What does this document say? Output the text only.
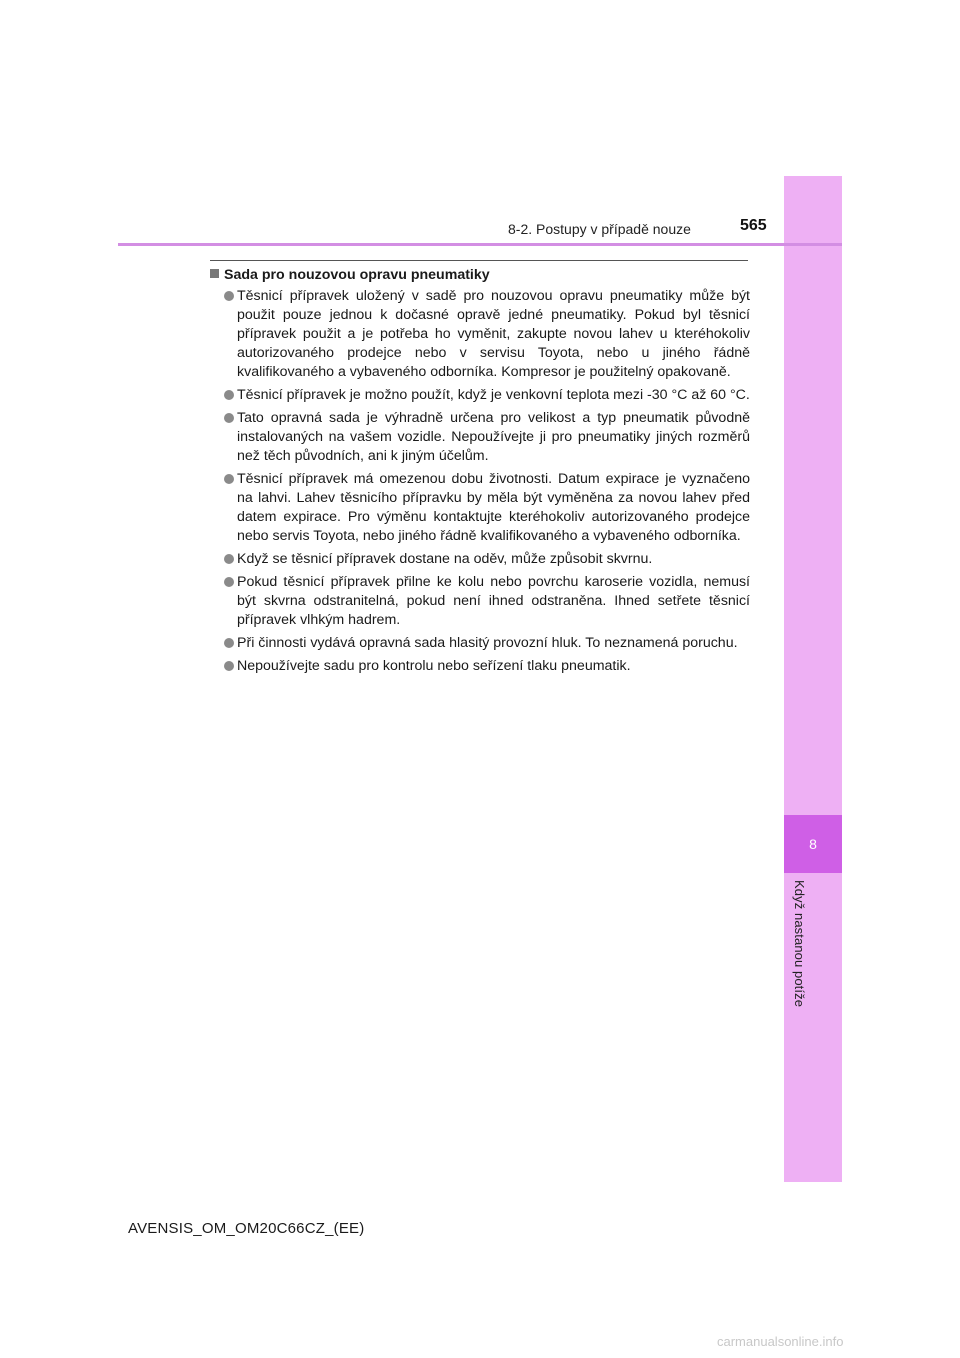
8
Když nastanou potíže
8-2. Postupy v případě nouze	565
Sada pro nouzovou opravu pneumatiky
Těsnicí přípravek uložený v sadě pro nouzovou opravu pneumatiky může být použit pouze jednou k dočasné opravě jedné pneumatiky. Pokud byl těsnicí přípravek použit a je potřeba ho vyměnit, zakupte novou lahev u kteréhokoliv autorizovaného prodejce nebo v servisu Toyota, nebo u jiného řádně kvalifikovaného a vybaveného odborníka. Kompresor je použitelný opakovaně.
Těsnicí přípravek je možno použít, když je venkovní teplota mezi -30 °C až 60 °C.
Tato opravná sada je výhradně určena pro velikost a typ pneumatik původně instalovaných na vašem vozidle. Nepoužívejte ji pro pneumatiky jiných rozměrů než těch původních, ani k jiným účelům.
Těsnicí přípravek má omezenou dobu životnosti. Datum expirace je vyznačeno na lahvi. Lahev těsnicího přípravku by měla být vyměněna za novou lahev před datem expirace. Pro výměnu kontaktujte kteréhokoliv autorizovaného prodejce nebo servis Toyota, nebo jiného řádně kvalifikovaného a vybaveného odborníka.
Když se těsnicí přípravek dostane na oděv, může způsobit skvrnu.
Pokud těsnicí přípravek přilne ke kolu nebo povrchu karoserie vozidla, nemusí být skvrna odstranitelná, pokud není ihned odstraněna. Ihned setřete těsnicí přípravek vlhkým hadrem.
Při činnosti vydává opravná sada hlasitý provozní hluk. To neznamená poruchu.
Nepoužívejte sadu pro kontrolu nebo seřízení tlaku pneumatik.
AVENSIS_OM_OM20C66CZ_(EE)
carmanualsonline.info
